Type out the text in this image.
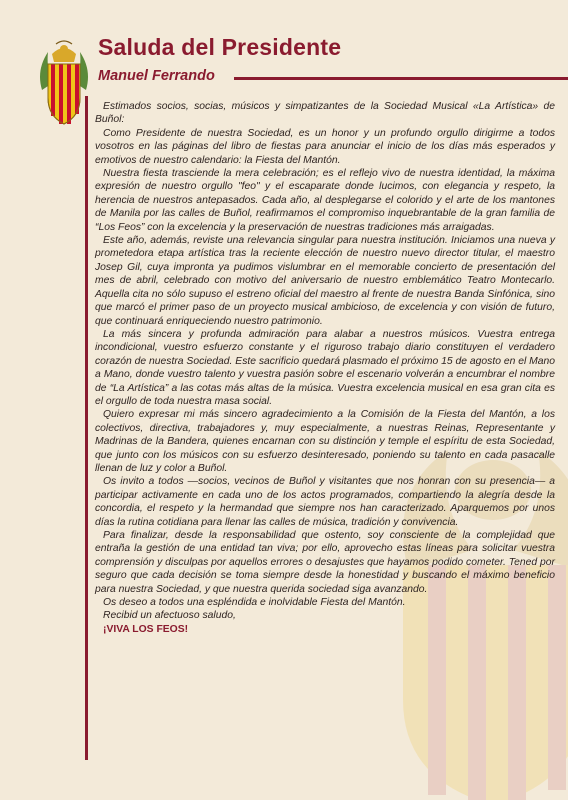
Saluda del Presidente
Manuel Ferrando

Estimados socios, socias, músicos y simpatizantes de la Sociedad Musical «La Artística» de Buñol:

Como Presidente de nuestra Sociedad, es un honor y un profundo orgullo dirigirme a todos vosotros en las páginas del libro de fiestas para anunciar el inicio de los días más esperados y emotivos de nuestro calendario: la Fiesta del Mantón.

Nuestra fiesta trasciende la mera celebración; es el reflejo vivo de nuestra identidad, la máxima expresión de nuestro orgullo "feo" y el escaparate donde lucimos, con elegancia y respeto, la herencia de nuestros antepasados. Cada año, al desplegarse el colorido y el arte de los mantones de Manila por las calles de Buñol, reafirmamos el compromiso inquebrantable de la gran familia de “Los Feos” con la excelencia y la preservación de nuestras tradiciones más arraigadas.

Este año, además, reviste una relevancia singular para nuestra institución. Iniciamos una nueva y prometedora etapa artística tras la reciente elección de nuestro nuevo director titular, el maestro Josep Gil, cuya impronta ya pudimos vislumbrar en el memorable concierto de presentación del mes de abril, celebrado con motivo del aniversario de nuestro emblemático Teatro Montecarlo. Aquella cita no sólo supuso el estreno oficial del maestro al frente de nuestra Banda Sinfónica, sino que marcó el primer paso de un proyecto musical ambicioso, de excelencia y con visión de futuro, que continuará enriqueciendo nuestro patrimonio.

La más sincera y profunda admiración para alabar a nuestros músicos. Vuestra entrega incondicional, vuestro esfuerzo constante y el riguroso trabajo diario constituyen el verdadero corazón de nuestra Sociedad. Este sacrificio quedará plasmado el próximo 15 de agosto en el Mano a Mano, donde vuestro talento y vuestra pasión sobre el escenario volverán a encumbrar el nombre de “La Artística” a las cotas más altas de la música. Vuestra excelencia musical en esa gran cita es el orgullo de toda nuestra masa social.

Quiero expresar mi más sincero agradecimiento a la Comisión de la Fiesta del Mantón, a los colectivos, directiva, trabajadores y, muy especialmente, a nuestras Reinas, Representante y Madrinas de la Bandera, quienes encarnan con su distinción y temple el espíritu de esta Sociedad, que junto con los músicos con su esfuerzo desinteresado, poniendo su talento en cada pasacalle llenan de luz y color a Buñol.

Os invito a todos —socios, vecinos de Buñol y visitantes que nos honran con su presencia— a participar activamente en cada uno de los actos programados, compartiendo la alegría desde la concordia, el respeto y la hermandad que siempre nos han caracterizado. Aparquemos por unos días la rutina cotidiana para llenar las calles de música, tradición y convivencia.

Para finalizar, desde la responsabilidad que ostento, soy consciente de la complejidad que entraña la gestión de una entidad tan viva; por ello, aprovecho estas líneas para solicitar vuestra comprensión y disculpas por aquellos errores o desajustes que hayamos podido cometer. Tened por seguro que cada decisión se toma siempre desde la honestidad y buscando el máximo beneficio para nuestra Sociedad, y que nuestra querida sociedad siga avanzando.

Os deseo a todos una espléndida e inolvidable Fiesta del Mantón.

Recibid un afectuoso saludo,

¡VIVA LOS FEOS!
